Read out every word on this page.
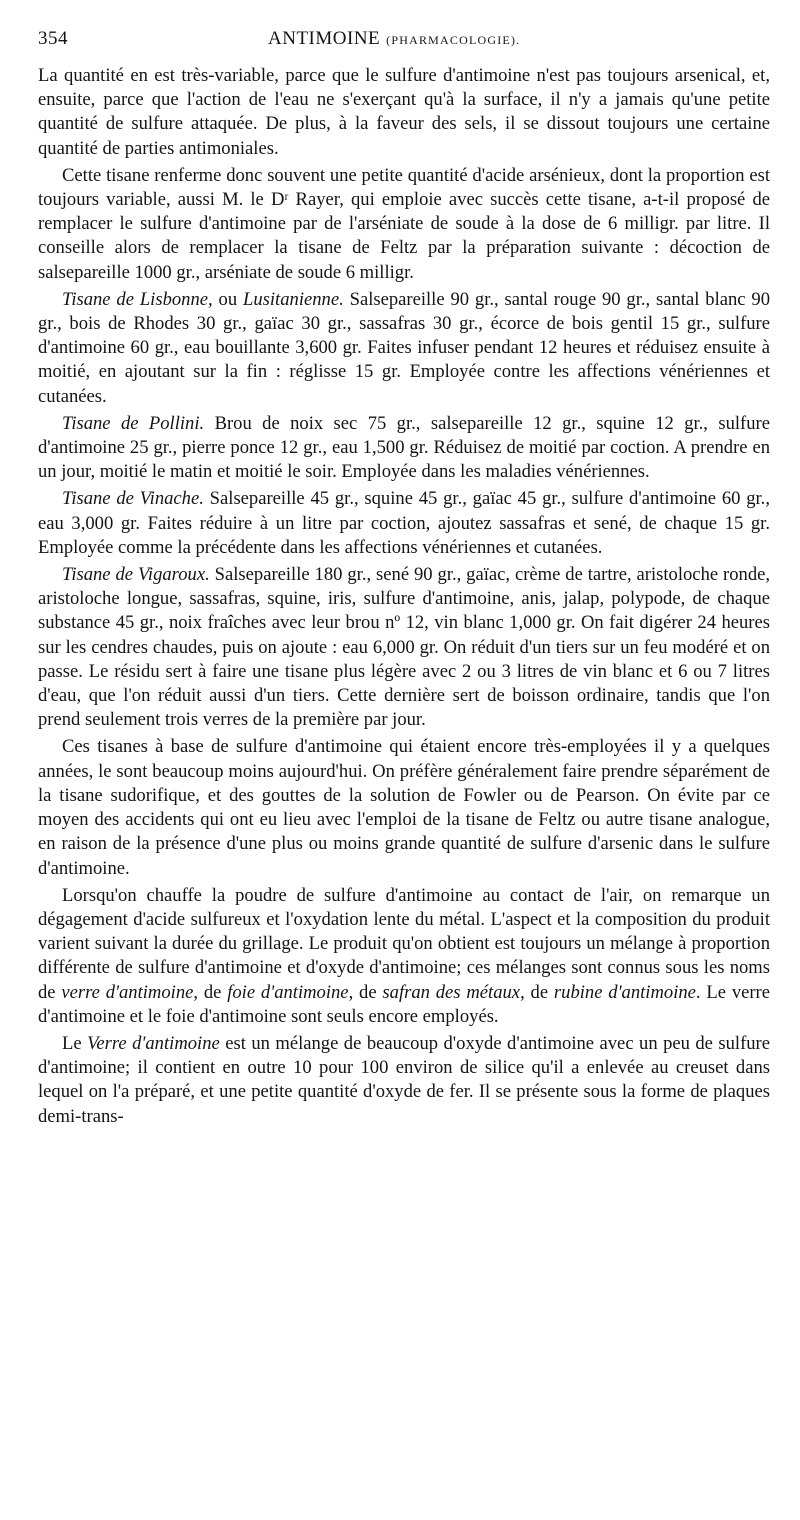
354	ANTIMOINE (PHARMACOLOGIE).

La quantité en est très-variable, parce que le sulfure d'antimoine n'est pas toujours arsenical, et, ensuite, parce que l'action de l'eau ne s'exerçant qu'à la surface, il n'y a jamais qu'une petite quantité de sulfure attaquée. De plus, à la faveur des sels, il se dissout toujours une certaine quantité de parties antimoniales.

Cette tisane renferme donc souvent une petite quantité d'acide arsénieux, dont la proportion est toujours variable, aussi M. le Dʳ Rayer, qui emploie avec succès cette tisane, a-t-il proposé de remplacer le sulfure d'antimoine par de l'arséniate de soude à la dose de 6 milligr. par litre. Il conseille alors de remplacer la tisane de Feltz par la préparation suivante : décoction de salsepareille 1000 gr., arséniate de soude 6 milligr.

Tisane de Lisbonne, ou Lusitanienne. Salsepareille 90 gr., santal rouge 90 gr., santal blanc 90 gr., bois de Rhodes 30 gr., gaïac 30 gr., sassafras 30 gr., écorce de bois gentil 15 gr., sulfure d'antimoine 60 gr., eau bouillante 3,600 gr. Faites infuser pendant 12 heures et réduisez ensuite à moitié, en ajoutant sur la fin : réglisse 15 gr. Employée contre les affections vénériennes et cutanées.

Tisane de Pollini. Brou de noix sec 75 gr., salsepareille 12 gr., squine 12 gr., sulfure d'antimoine 25 gr., pierre ponce 12 gr., eau 1,500 gr. Réduisez de moitié par coction. A prendre en un jour, moitié le matin et moitié le soir. Employée dans les maladies vénériennes.

Tisane de Vinache. Salsepareille 45 gr., squine 45 gr., gaïac 45 gr., sulfure d'antimoine 60 gr., eau 3,000 gr. Faites réduire à un litre par coction, ajoutez sassafras et sené, de chaque 15 gr. Employée comme la précédente dans les affections vénériennes et cutanées.

Tisane de Vigaroux. Salsepareille 180 gr., sené 90 gr., gaïac, crème de tartre, aristoloche ronde, aristoloche longue, sassafras, squine, iris, sulfure d'antimoine, anis, jalap, polypode, de chaque substance 45 gr., noix fraîches avec leur brou nº 12, vin blanc 1,000 gr. On fait digérer 24 heures sur les cendres chaudes, puis on ajoute : eau 6,000 gr. On réduit d'un tiers sur un feu modéré et on passe. Le résidu sert à faire une tisane plus légère avec 2 ou 3 litres de vin blanc et 6 ou 7 litres d'eau, que l'on réduit aussi d'un tiers. Cette dernière sert de boisson ordinaire, tandis que l'on prend seulement trois verres de la première par jour.

Ces tisanes à base de sulfure d'antimoine qui étaient encore très-employées il y a quelques années, le sont beaucoup moins aujourd'hui. On préfère généralement faire prendre séparément de la tisane sudorifique, et des gouttes de la solution de Fowler ou de Pearson. On évite par ce moyen des accidents qui ont eu lieu avec l'emploi de la tisane de Feltz ou autre tisane analogue, en raison de la présence d'une plus ou moins grande quantité de sulfure d'arsenic dans le sulfure d'antimoine.

Lorsqu'on chauffe la poudre de sulfure d'antimoine au contact de l'air, on remarque un dégagement d'acide sulfureux et l'oxydation lente du métal. L'aspect et la composition du produit varient suivant la durée du grillage. Le produit qu'on obtient est toujours un mélange à proportion différente de sulfure d'antimoine et d'oxyde d'antimoine; ces mélanges sont connus sous les noms de verre d'antimoine, de foie d'antimoine, de safran des métaux, de rubine d'antimoine. Le verre d'antimoine et le foie d'antimoine sont seuls encore employés.

Le Verre d'antimoine est un mélange de beaucoup d'oxyde d'antimoine avec un peu de sulfure d'antimoine; il contient en outre 10 pour 100 environ de silice qu'il a enlevée au creuset dans lequel on l'a préparé, et une petite quantité d'oxyde de fer. Il se présente sous la forme de plaques demi-trans-
